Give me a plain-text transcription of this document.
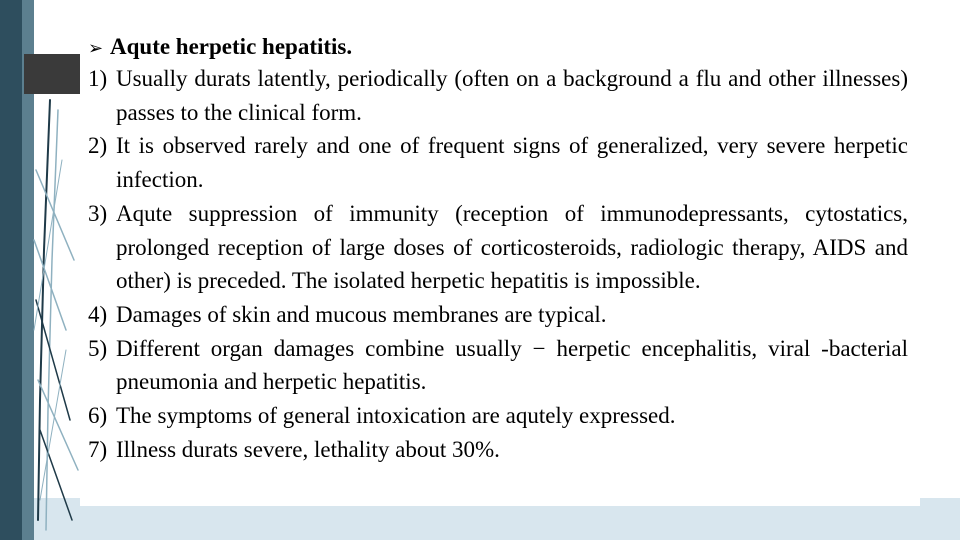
➢ Aqute herpetic hepatitis.
1) Usually durats latently, periodically (often on a background a flu and other illnesses) passes to the clinical form.
2) It is observed rarely and one of frequent signs of generalized, very severe herpetic infection.
3) Aqute suppression of immunity (reception of immunodepressants, cytostatics, prolonged reception of large doses of corticosteroids, radiologic therapy, AIDS and other) is preceded. The isolated herpetic hepatitis is impossible.
4) Damages of skin and mucous membranes are typical.
5) Different organ damages combine usually − herpetic encephalitis, viral -bacterial pneumonia and herpetic hepatitis.
6) The symptoms of general intoxication are aqutely expressed.
7) Illness durats severe, lethality about 30%.
